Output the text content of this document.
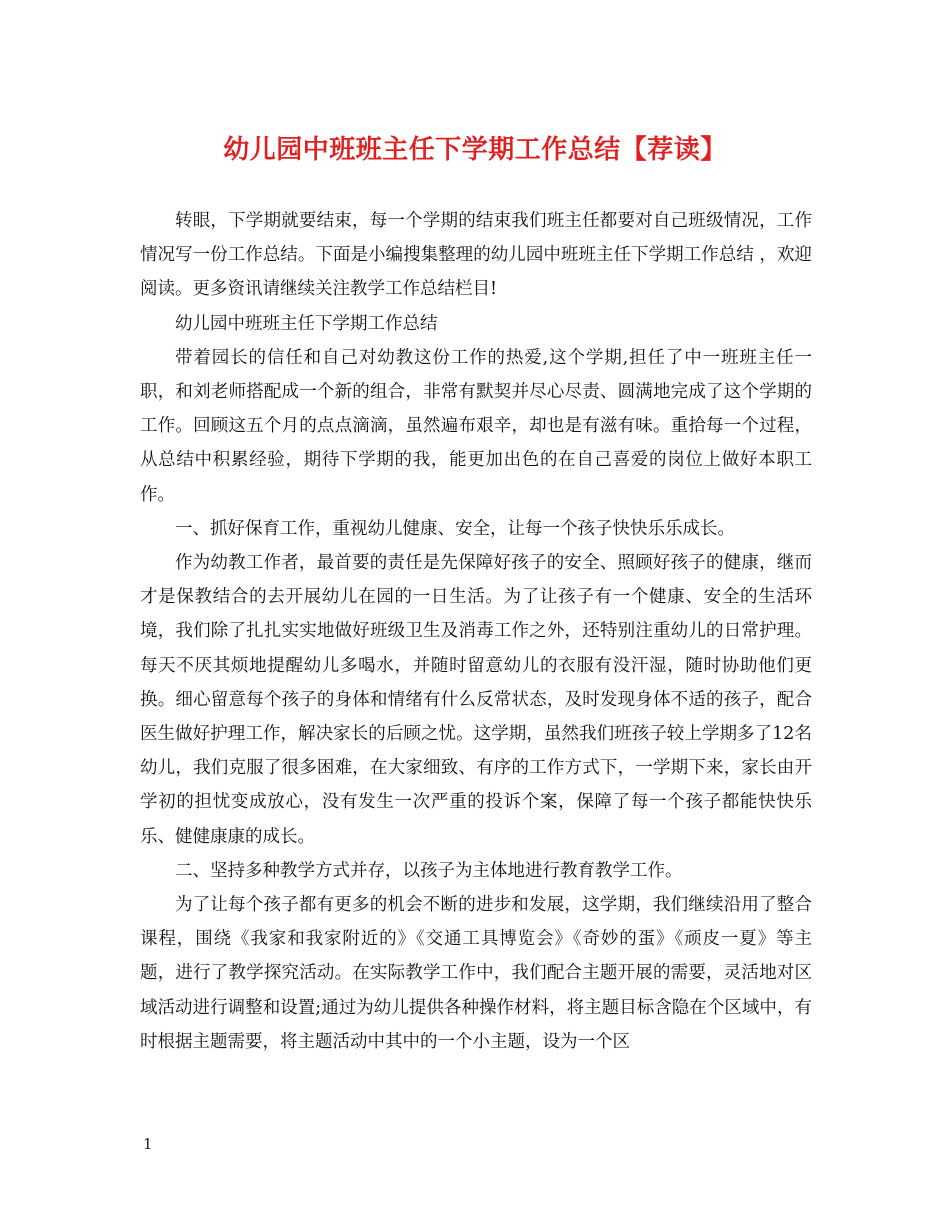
幼儿园中班班主任下学期工作总结【荐读】

转眼，下学期就要结束，每一个学期的结束我们班主任都要对自己班级情况，工作情况写一份工作总结。下面是小编搜集整理的幼儿园中班班主任下学期工作总结 ，欢迎阅读。更多资讯请继续关注教学工作总结栏目!

幼儿园中班班主任下学期工作总结

带着园长的信任和自己对幼教这份工作的热爱,这个学期,担任了中一班班主任一职，和刘老师搭配成一个新的组合，非常有默契并尽心尽责、圆满地完成了这个学期的工作。回顾这五个月的点点滴滴，虽然遍布艰辛，却也是有滋有味。重拾每一个过程，从总结中积累经验，期待下学期的我，能更加出色的在自己喜爱的岗位上做好本职工作。

一、抓好保育工作，重视幼儿健康、安全，让每一个孩子快快乐乐成长。

作为幼教工作者，最首要的责任是先保障好孩子的安全、照顾好孩子的健康，继而才是保教结合的去开展幼儿在园的一日生活。为了让孩子有一个健康、安全的生活环境，我们除了扎扎实实地做好班级卫生及消毒工作之外，还特别注重幼儿的日常护理。每天不厌其烦地提醒幼儿多喝水，并随时留意幼儿的衣服有没汗湿，随时协助他们更换。细心留意每个孩子的身体和情绪有什么反常状态，及时发现身体不适的孩子，配合医生做好护理工作，解决家长的后顾之忧。这学期，虽然我们班孩子较上学期多了12名幼儿，我们克服了很多困难，在大家细致、有序的工作方式下，一学期下来，家长由开学初的担忧变成放心，没有发生一次严重的投诉个案，保障了每一个孩子都能快快乐乐、健健康康的成长。

二、坚持多种教学方式并存，以孩子为主体地进行教育教学工作。

为了让每个孩子都有更多的机会不断的进步和发展，这学期，我们继续沿用了整合课程，围绕《我家和我家附近的》《交通工具博览会》《奇妙的蛋》《顽皮一夏》等主题，进行了教学探究活动。在实际教学工作中，我们配合主题开展的需要，灵活地对区域活动进行调整和设置;通过为幼儿提供各种操作材料，将主题目标含隐在个区域中，有时根据主题需要，将主题活动中其中的一个小主题，设为一个区

1
